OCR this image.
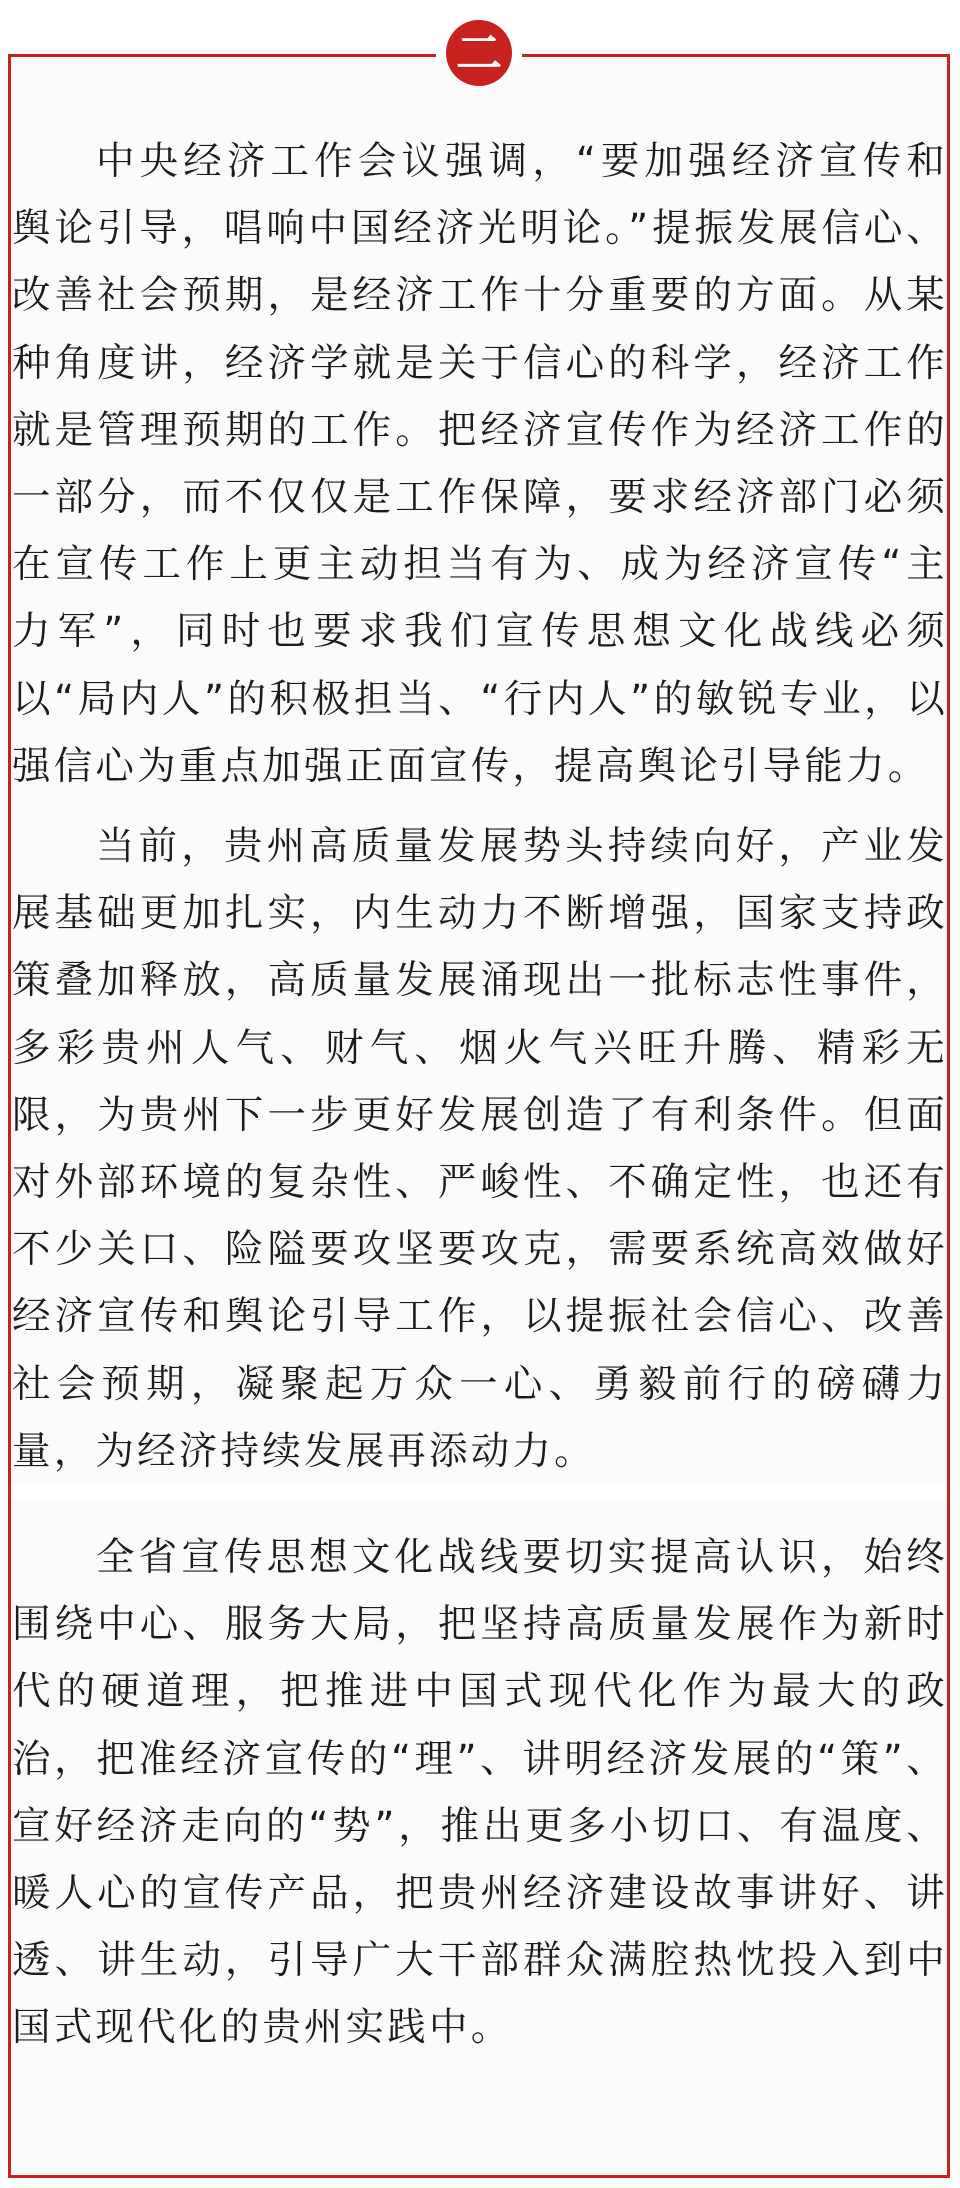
二

中央经济工作会议强调，“要加强经济宣传和舆论引导，唱响中国经济光明论。”提振发展信心、改善社会预期，是经济工作十分重要的方面。从某种角度讲，经济学就是关于信心的科学，经济工作就是管理预期的工作。把经济宣传作为经济工作的一部分，而不仅仅是工作保障，要求经济部门必须在宣传工作上更主动担当有为、成为经济宣传“主力军”，同时也要求我们宣传思想文化战线必须以“局内人”的积极担当、“行内人”的敏锐专业，以强信心为重点加强正面宣传，提高舆论引导能力。

当前，贵州高质量发展势头持续向好，产业发展基础更加扎实，内生动力不断增强，国家支持政策叠加释放，高质量发展涌现出一批标志性事件，多彩贵州人气、财气、烟火气兴旺升腾、精彩无限，为贵州下一步更好发展创造了有利条件。但面对外部环境的复杂性、严峻性、不确定性，也还有不少关口、险隘要攻坚要攻克，需要系统高效做好经济宣传和舆论引导工作，以提振社会信心、改善社会预期，凝聚起万众一心、勇毅前行的磅礴力量，为经济持续发展再添动力。

全省宣传思想文化战线要切实提高认识，始终围绕中心、服务大局，把坚持高质量发展作为新时代的硬道理，把推进中国式现代化作为最大的政治，把准经济宣传的“理”、讲明经济发展的“策”、宣好经济走向的“势”，推出更多小切口、有温度、暖人心的宣传产品，把贵州经济建设故事讲好、讲透、讲生动，引导广大干部群众满腔热忱投入到中国式现代化的贵州实践中。
